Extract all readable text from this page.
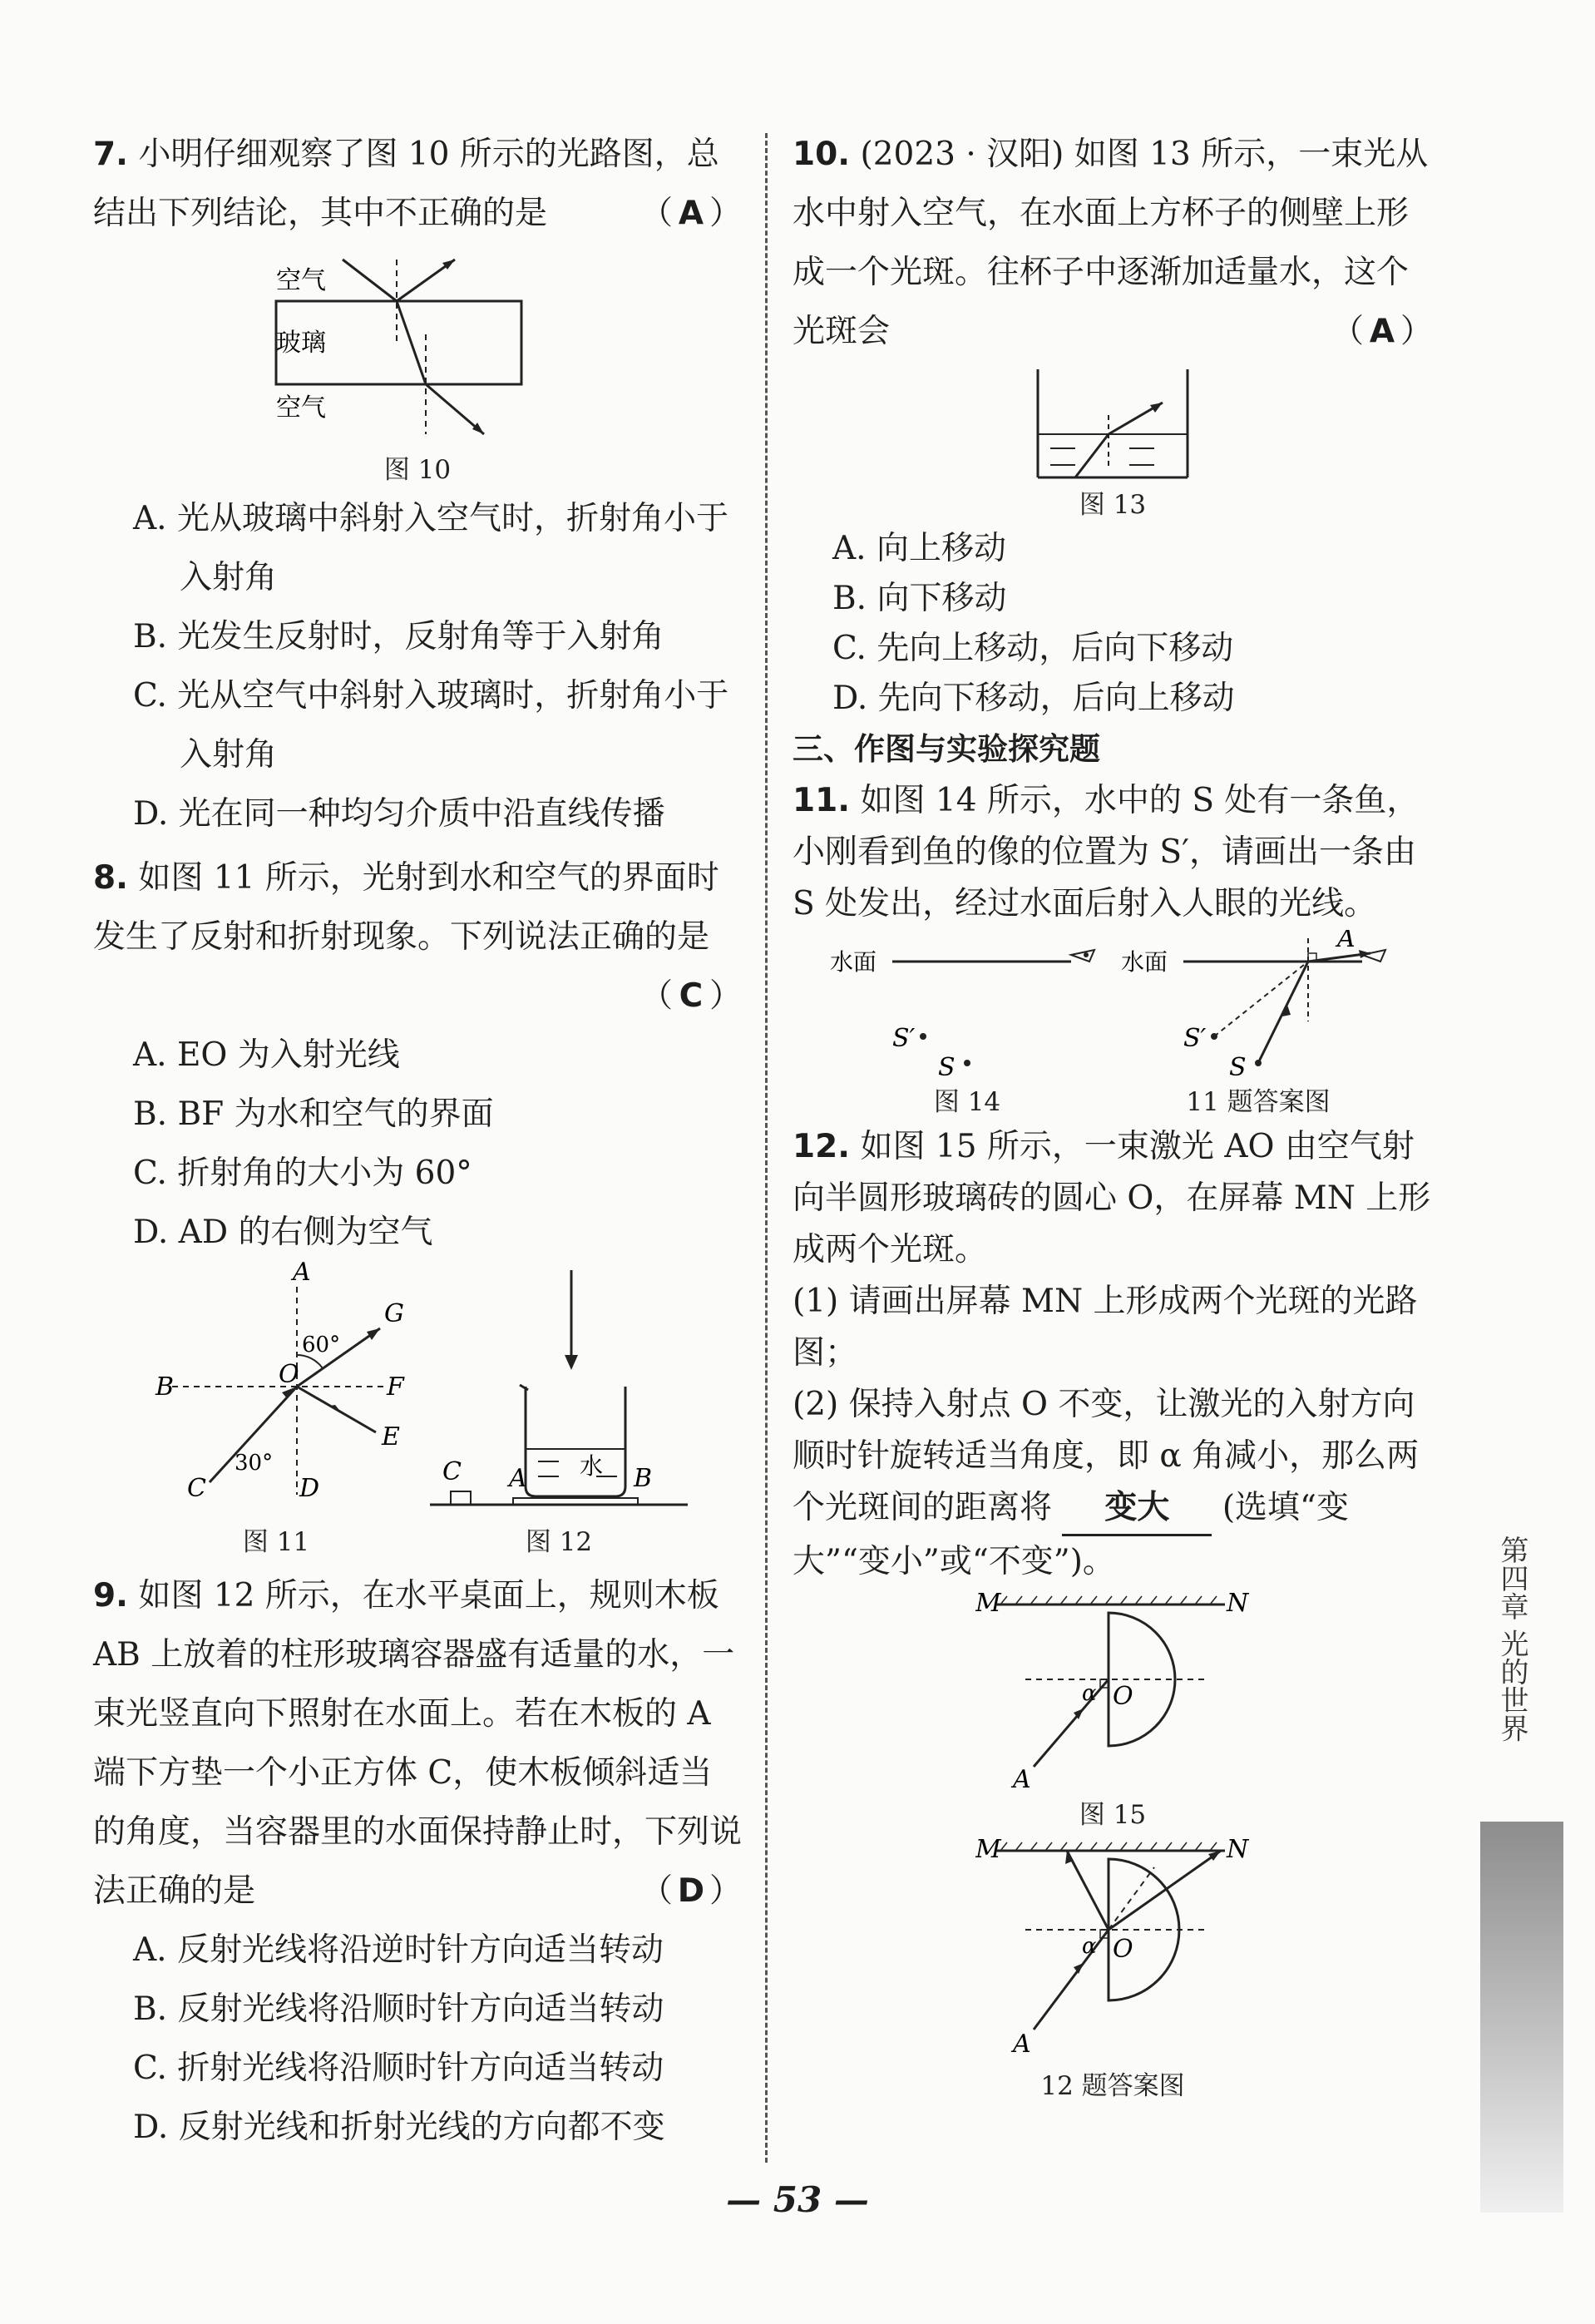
7. 小明仔细观察了图 10 所示的光路图，总结出下列结论，其中不正确的是	（ A ）
空气
玻璃
空气
图 10
A. 光从玻璃中斜射入空气时，折射角小于入射角
B. 光发生反射时，反射角等于入射角
C. 光从空气中斜射入玻璃时，折射角小于入射角
D. 光在同一种均匀介质中沿直线传播
8. 如图 11 所示，光射到水和空气的界面时发生了反射和折射现象。下列说法正确的是
（ C ）
A. EO 为入射光线
B. BF 为水和空气的界面
C. 折射角的大小为 60°
D. AD 的右侧为空气
A
G
B	O	F
E
C	D
60°
30°
图 11
C A	B
水
图 12
9. 如图 12 所示，在水平桌面上，规则木板 AB 上放着的柱形玻璃容器盛有适量的水，一束光竖直向下照射在水面上。若在木板的 A 端下方垫一个小正方体 C，使木板倾斜适当的角度，当容器里的水面保持静止时，下列说法正确的是	（ D ）
A. 反射光线将沿逆时针方向适当转动
B. 反射光线将沿顺时针方向适当转动
C. 折射光线将沿顺时针方向适当转动
D. 反射光线和折射光线的方向都不变
10. (2023 · 汉阳) 如图 13 所示，一束光从水中射入空气，在水面上方杯子的侧壁上形成一个光斑。往杯子中逐渐加适量水，这个光斑会	（ A ）
图 13
A. 向上移动
B. 向下移动
C. 先向上移动，后向下移动
D. 先向下移动，后向上移动
三、作图与实验探究题
11. 如图 14 所示，水中的 S 处有一条鱼，小刚看到鱼的像的位置为 S′，请画出一条由 S 处发出，经过水面后射入人眼的光线。
水面
S′
S
图 14
水面
A
S′
S
11 题答案图
12. 如图 15 所示，一束激光 AO 由空气射向半圆形玻璃砖的圆心 O，在屏幕 MN 上形成两个光斑。
(1) 请画出屏幕 MN 上形成两个光斑的光路图；
(2) 保持入射点 O 不变，让激光的入射方向顺时针旋转适当角度，即 α 角减小，那么两个光斑间的距离将 变大 (选填“变大”“变小”或“不变”)。
M	N
O
α
A
图 15
M	N
O
α
A
12 题答案图
第四章 光的世界
— 53 —
